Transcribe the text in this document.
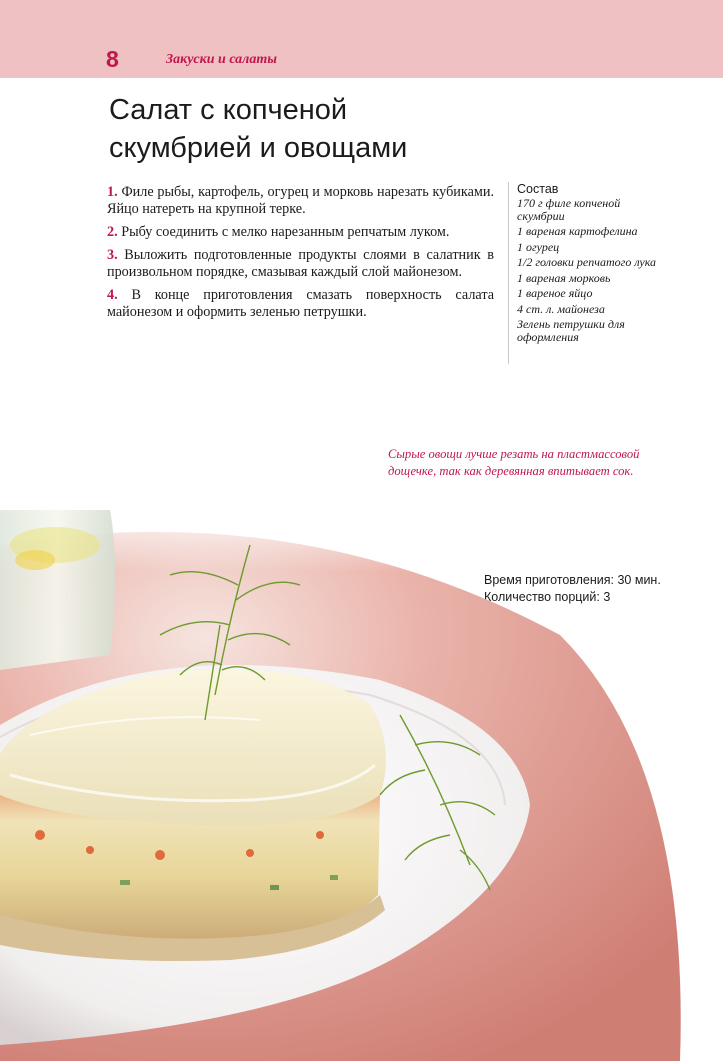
8	Закуски и салаты
Салат с копченой
скумбрией и овощами

1. Филе рыбы, картофель, огурец и морковь нарезать кубиками. Яйцо натереть на крупной терке.

2. Рыбу соединить с мелко нарезанным репчатым луком.

3. Выложить подготовленные продукты слоями в салатник в произвольном порядке, смазывая каждый слой майонезом.

4. В конце приготовления смазать поверхность салата майонезом и оформить зеленью петрушки.

Состав
170 г филе копченой скумбрии
1 вареная картофелина
1 огурец
1/2 головки репчатого лука
1 вареная морковь
1 вареное яйцо
4 ст. л. майонеза
Зелень петрушки для оформления
Сырые овощи лучше резать на пластмассовой дощечке, так как деревянная впитывает сок.
